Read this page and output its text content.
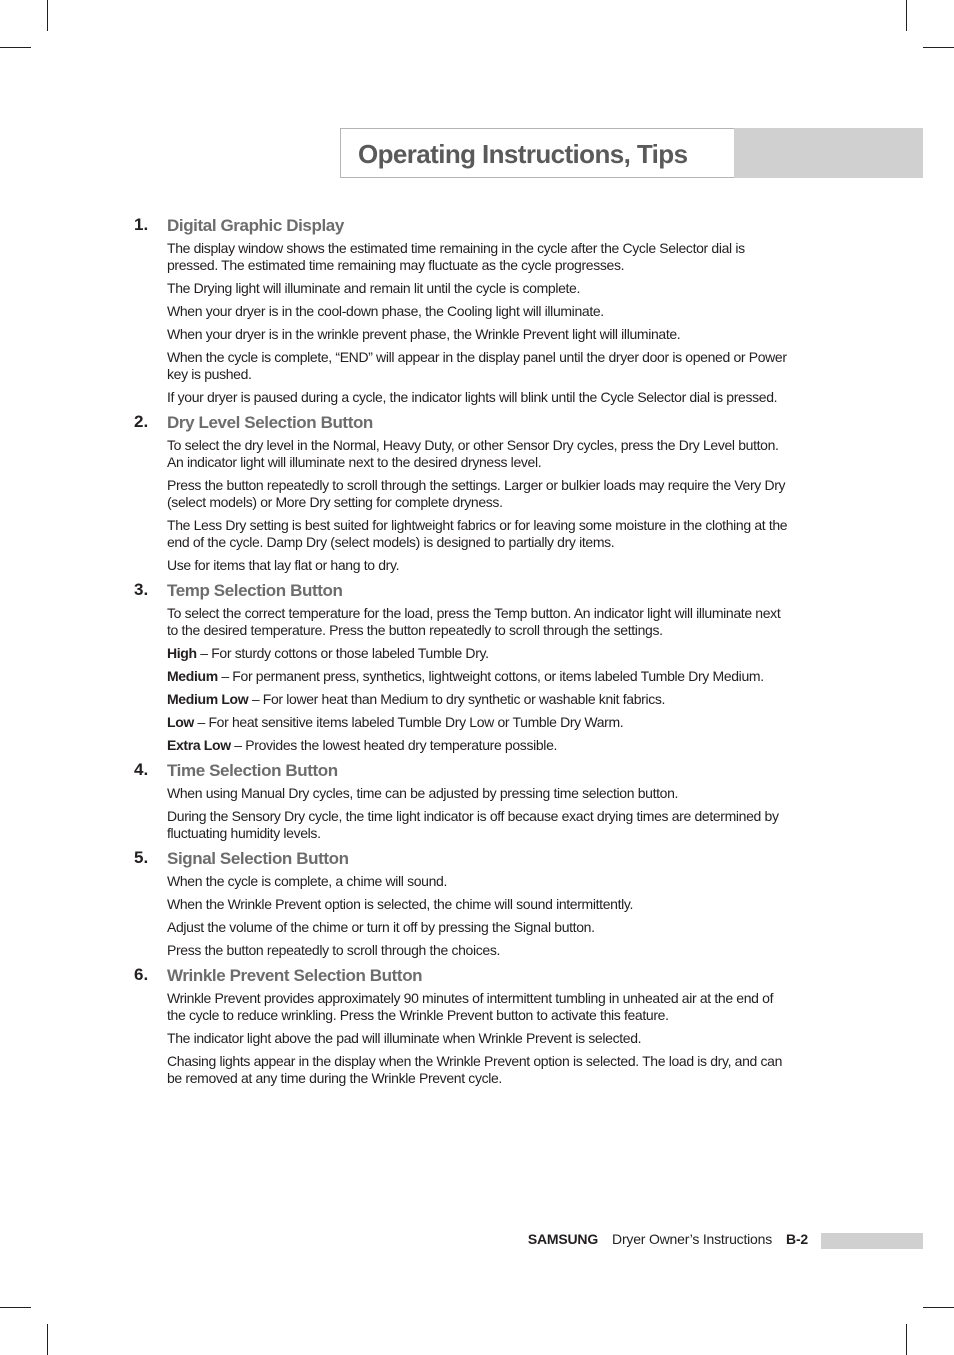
Operating Instructions, Tips
1. Digital Graphic Display
The display window shows the estimated time remaining in the cycle after the Cycle Selector dial is pressed. The estimated time remaining may fluctuate as the cycle progresses.
The Drying light will illuminate and remain lit until the cycle is complete.
When your dryer is in the cool-down phase, the Cooling light will illuminate.
When your dryer is in the wrinkle prevent phase, the Wrinkle Prevent light will illuminate.
When the cycle is complete, “END” will appear in the display panel until the dryer door is opened or Power key is pushed.
If your dryer is paused during a cycle, the indicator lights will blink until the Cycle Selector dial is pressed.
2. Dry Level Selection Button
To select the dry level in the Normal, Heavy Duty, or other Sensor Dry cycles, press the Dry Level button. An indicator light will illuminate next to the desired dryness level.
Press the button repeatedly to scroll through the settings. Larger or bulkier loads may require the Very Dry (select models) or More Dry setting for complete dryness.
The Less Dry setting is best suited for lightweight fabrics or for leaving some moisture in the clothing at the end of the cycle. Damp Dry (select models) is designed to partially dry items.
Use for items that lay flat or hang to dry.
3. Temp Selection Button
To select the correct temperature for the load, press the Temp button. An indicator light will illuminate next to the desired temperature. Press the button repeatedly to scroll through the settings.
High – For sturdy cottons or those labeled Tumble Dry.
Medium – For permanent press, synthetics, lightweight cottons, or items labeled Tumble Dry Medium.
Medium Low – For lower heat than Medium to dry synthetic or washable knit fabrics.
Low – For heat sensitive items labeled Tumble Dry Low or Tumble Dry Warm.
Extra Low – Provides the lowest heated dry temperature possible.
4. Time Selection Button
When using Manual Dry cycles, time can be adjusted by pressing time selection button.
During the Sensory Dry cycle, the time light indicator is off because exact drying times are determined by fluctuating humidity levels.
5. Signal Selection Button
When the cycle is complete, a chime will sound.
When the Wrinkle Prevent option is selected, the chime will sound intermittently.
Adjust the volume of the chime or turn it off by pressing the Signal button.
Press the button repeatedly to scroll through the choices.
6. Wrinkle Prevent Selection Button
Wrinkle Prevent provides approximately 90 minutes of intermittent tumbling in unheated air at the end of the cycle to reduce wrinkling. Press the Wrinkle Prevent button to activate this feature.
The indicator light above the pad will illuminate when Wrinkle Prevent is selected.
Chasing lights appear in the display when the Wrinkle Prevent option is selected. The load is dry, and can be removed at any time during the Wrinkle Prevent cycle.
SAMSUNG Dryer Owner’s Instructions B-2
